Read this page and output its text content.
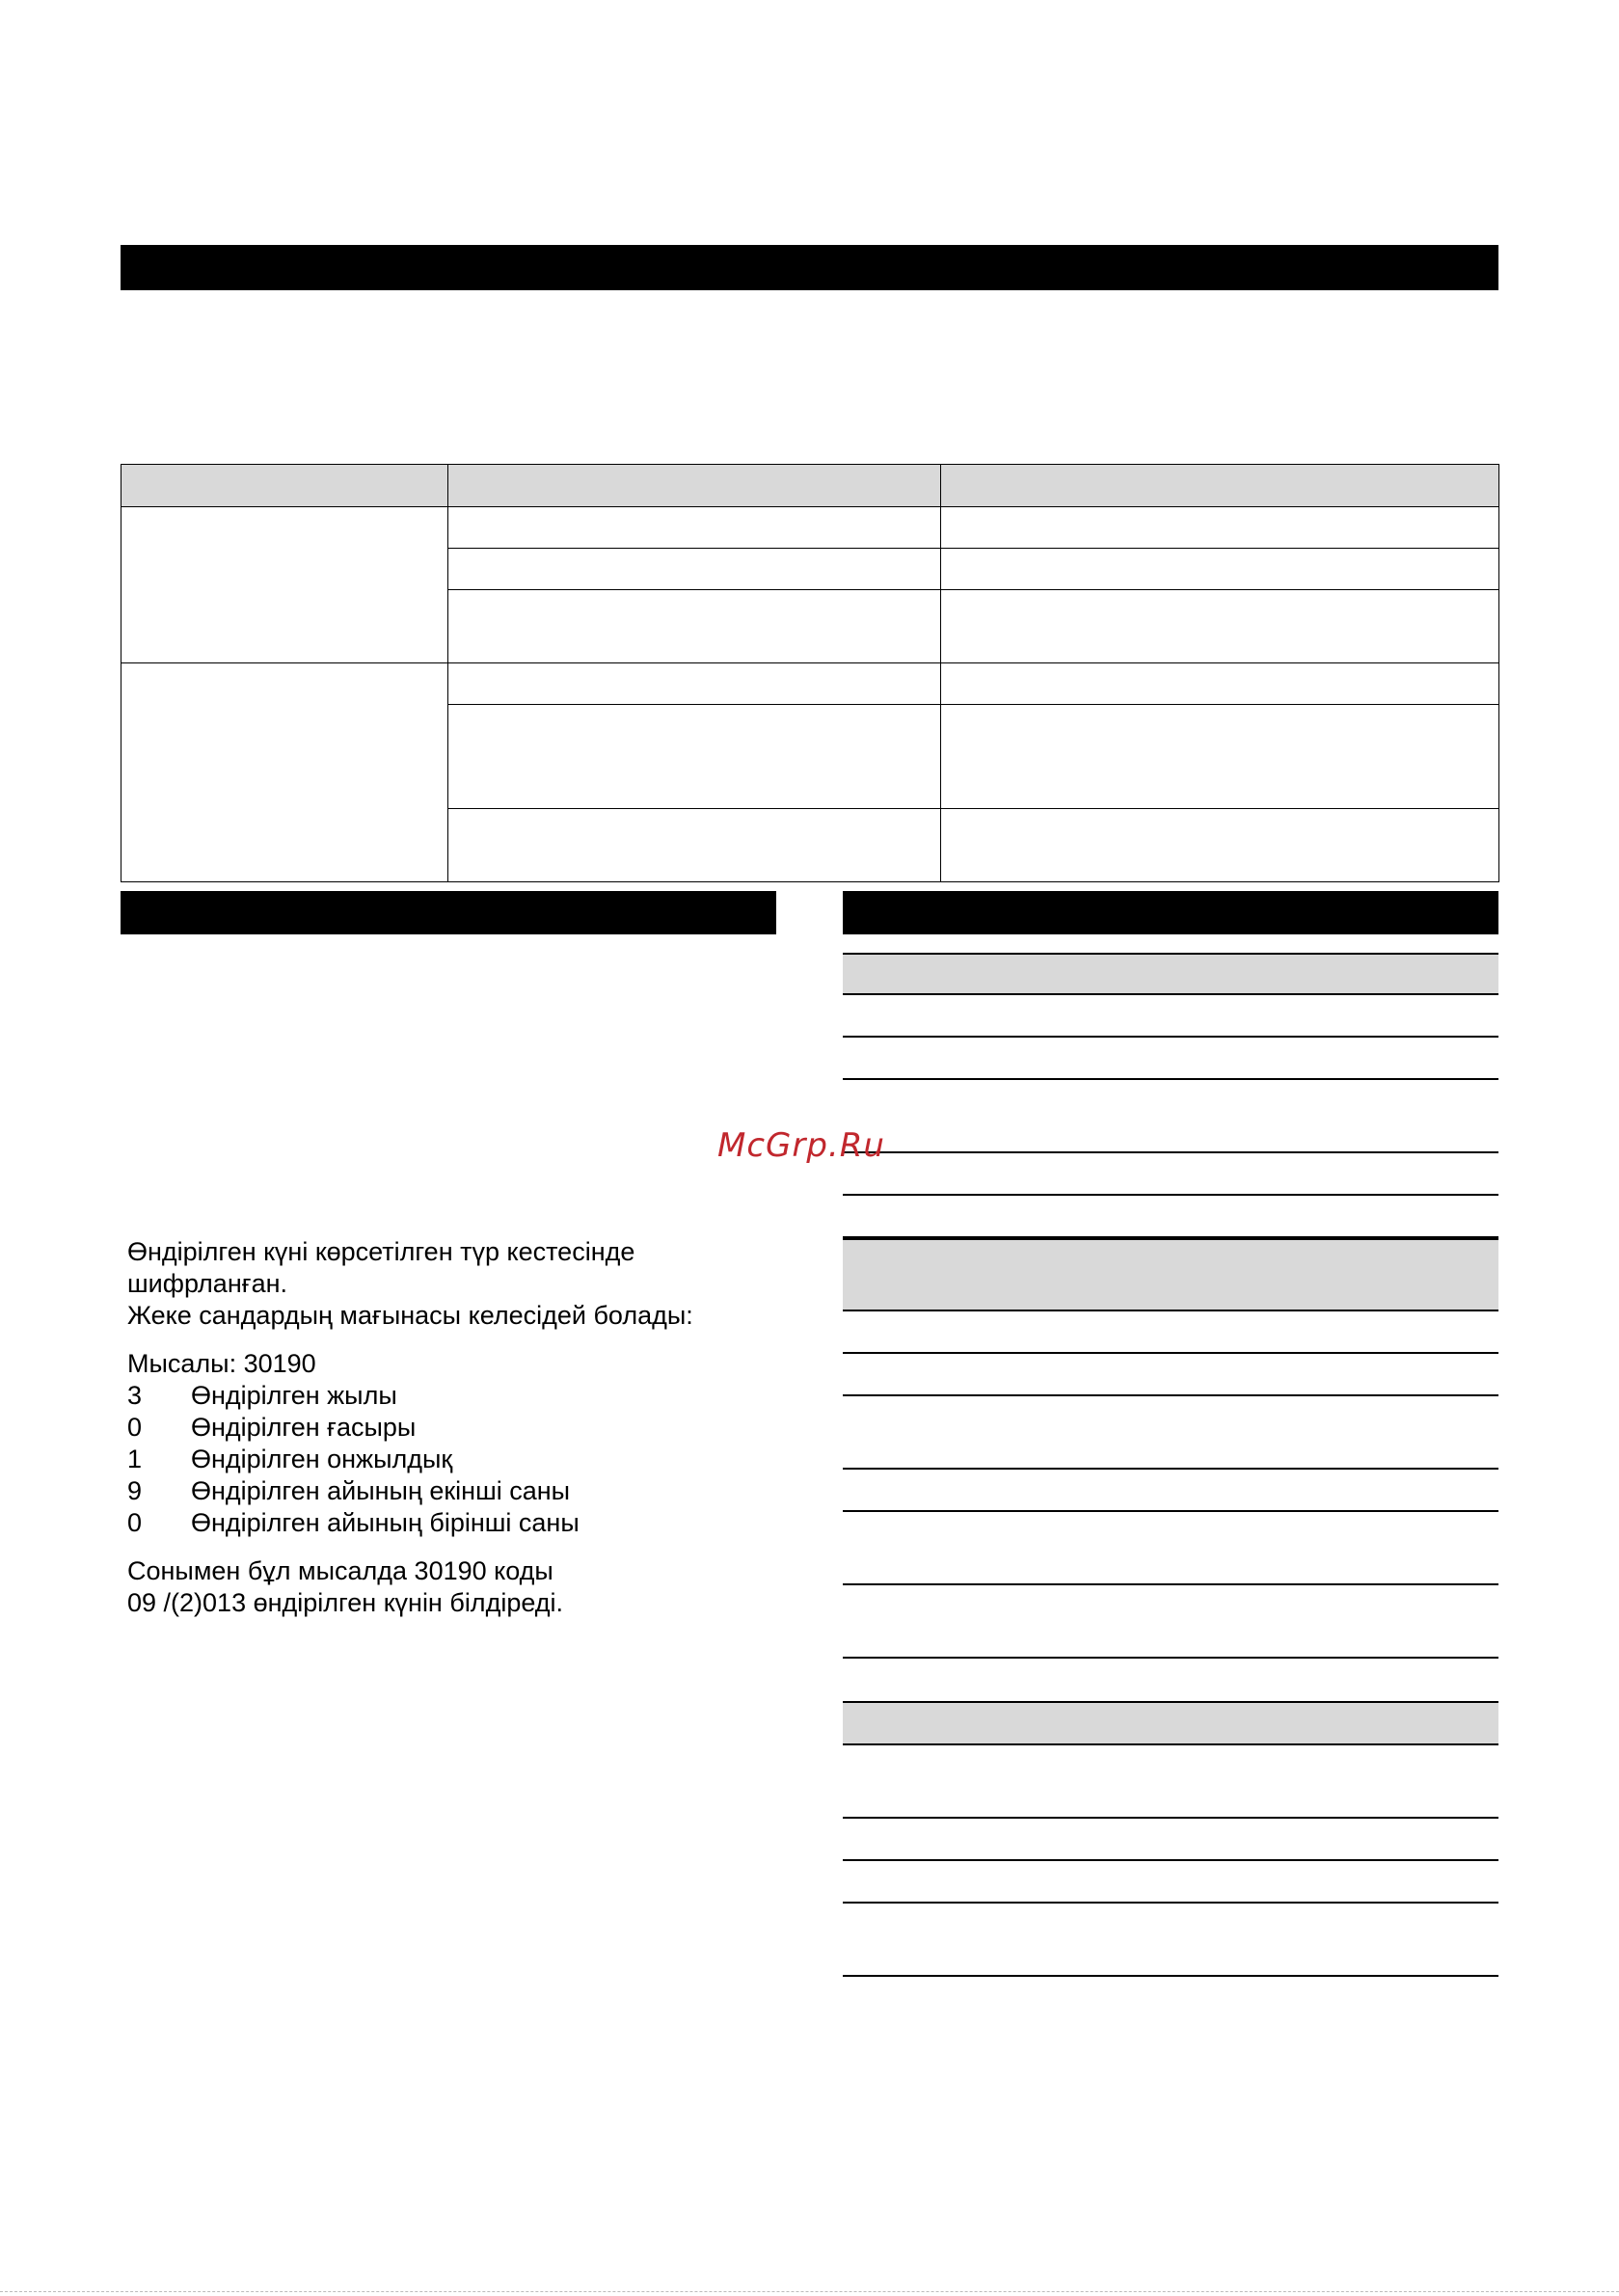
McGrp.Ru

Өндірілген күні көрсетілген түр кестесінде

шифрланған.

Жеке сандардың мағынасы келесідей болады:

Мысалы: 30190

3	Өндірілген жылы
0	Өндірілген ғасыры
1	Өндірілген онжылдық
9	Өндірілген айының екінші саны
0	Өндірілген айының бірінші саны

Сонымен бұл мысалда 30190 коды

09 /(2)013 өндірілген күнін білдіреді.
